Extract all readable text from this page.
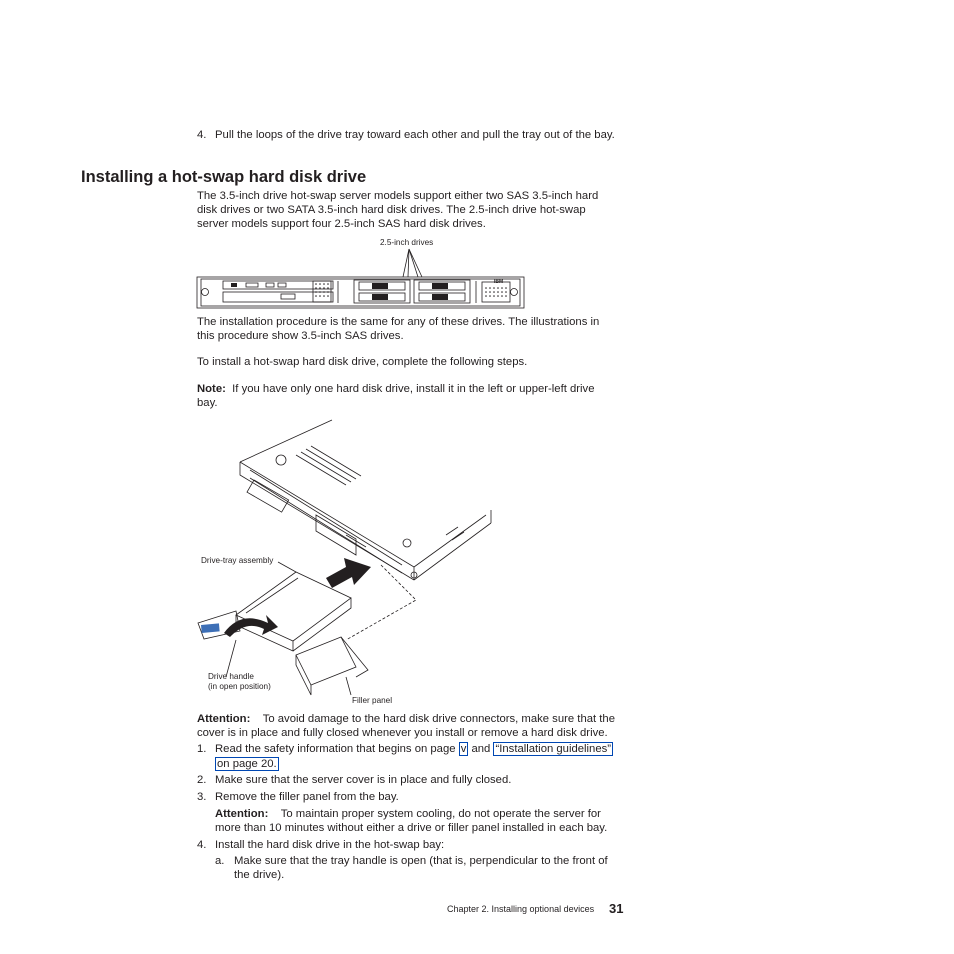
4. Pull the loops of the drive tray toward each other and pull the tray out of the bay.
Installing a hot-swap hard disk drive
The 3.5-inch drive hot-swap server models support either two SAS 3.5-inch hard disk drives or two SATA 3.5-inch hard disk drives. The 2.5-inch drive hot-swap server models support four 2.5-inch SAS hard disk drives.
2.5-inch drives
IBM
The installation procedure is the same for any of these drives. The illustrations in this procedure show 3.5-inch SAS drives.
To install a hot-swap hard disk drive, complete the following steps.
Note: If you have only one hard disk drive, install it in the left or upper-left drive bay.
Drive-tray assembly
Drive handle
(in open position)
Filler panel
Attention: To avoid damage to the hard disk drive connectors, make sure that the cover is in place and fully closed whenever you install or remove a hard disk drive.
1. Read the safety information that begins on page v and “Installation guidelines”
on page 20.
2. Make sure that the server cover is in place and fully closed.
3. Remove the filler panel from the bay.
Attention: To maintain proper system cooling, do not operate the server for more than 10 minutes without either a drive or filler panel installed in each bay.
4. Install the hard disk drive in the hot-swap bay:
a. Make sure that the tray handle is open (that is, perpendicular to the front of the drive).
Chapter 2. Installing optional devices 31
